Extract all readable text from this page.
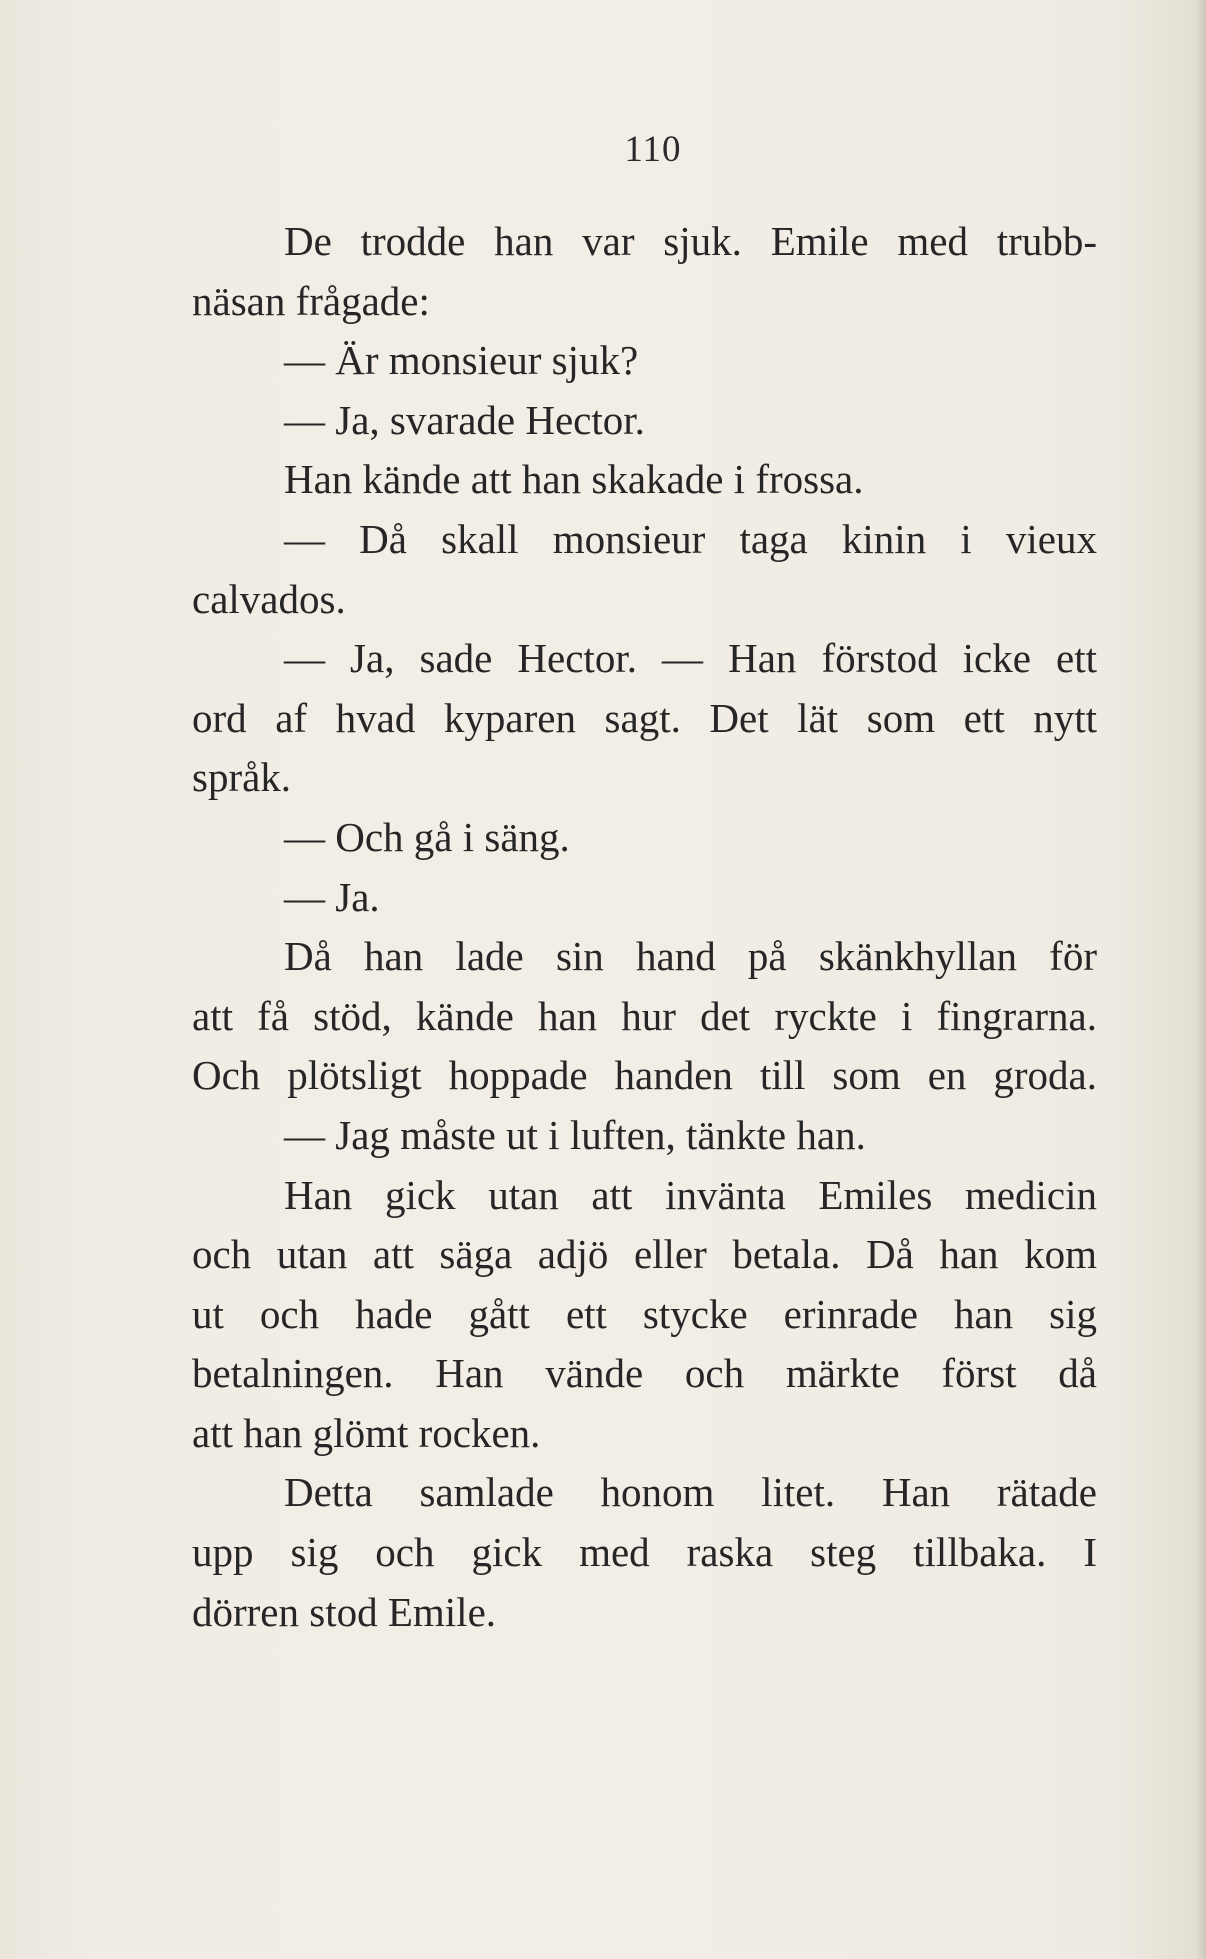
110
De trodde han var sjuk. Emile med trubb-
näsan frågade:
— Är monsieur sjuk?
— Ja, svarade Hector.
Han kände att han skakade i frossa.
— Då skall monsieur taga kinin i vieux
calvados.
— Ja, sade Hector. — Han förstod icke ett
ord af hvad kyparen sagt. Det lät som ett nytt
språk.
— Och gå i säng.
— Ja.
Då han lade sin hand på skänkhyllan för
att få stöd, kände han hur det ryckte i fingrarna.
Och plötsligt hoppade handen till som en groda.
— Jag måste ut i luften, tänkte han.
Han gick utan att invänta Emiles medicin
och utan att säga adjö eller betala. Då han kom
ut och hade gått ett stycke erinrade han sig
betalningen. Han vände och märkte först då
att han glömt rocken.
Detta samlade honom litet. Han rätade
upp sig och gick med raska steg tillbaka. I
dörren stod Emile.
